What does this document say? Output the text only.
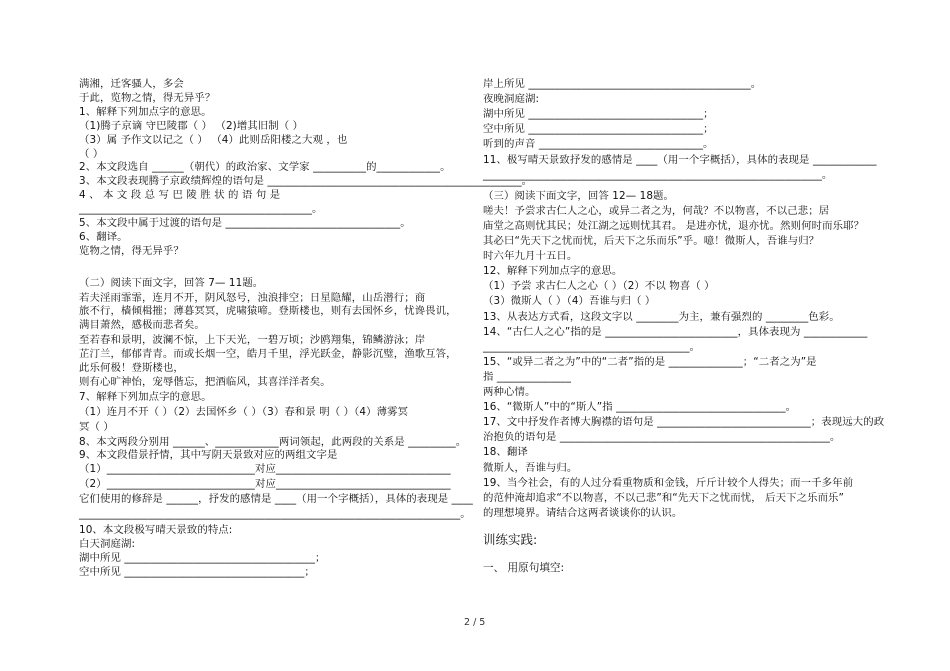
满湘，迁客骚人，多会
于此，览物之情，得无异乎？
1、解释下列加点字的意思。
（1)腾子京谪 守巴陵郡（ ） （2)增其旧制（ ）
（3）属 予作文以记之（ ） （4）此则岳阳楼之大观 ，也
（ ）
2、本文段选自 ______（朝代）的政治家、文学家 __________的____________。
3、本文段表现腾子京政绩辉煌的语句是 ________________________________________________。
4 、 本 文 段 总 写 巴 陵 胜 状 的 语 句 是
____________________________________________。
5、本文段中属于过渡的语句是 _________________________________。
6、翻译。
览物之情，得无异乎？
（二）阅读下面文字，回答 7— 11题。
若夫淫雨霏霏，连月不开，阴风怒号，浊浪排空；日星隐耀，山岳潜行；商
旅不行，樯倾楫摧；薄暮冥冥，虎啸猿啼。登斯楼也，则有去国怀乡，忧谗畏讥，
满目萧然，感极而悲者矣。
至若春和景明，波澜不惊，上下天光，一碧万顷；沙鸥翔集，锦鳞游泳；岸
芷汀兰，郁郁青青。而或长烟一空，皓月千里，浮光跃金，静影沉璧，渔歌互答，
此乐何极！登斯楼也，
则有心旷神怡，宠辱偕忘，把酒临风，其喜洋洋者矣。
7、解释下列加点字的意思。
（1）连月不开（ ）（2）去国怀乡（ ）（3）春和景 明（ ）（4）薄雾冥
冥（ ）
8、本文两段分别用 ______、____________两词领起，此两段的关系是 _________。
9、本文段借景抒情，其中写阴天景致对应的两组文字是
（1）____________________________对应_________________________________
（2）____________________________对应_________________________________
它们使用的修辞是 ______，抒发的感情是 ____（用一个字概括），具体的表现是 ____
________________________________________________________________________。
10、本文段极写晴天景致的特点:
白天洞庭湖:
湖中所见 ____________________________________；
空中所见 __________________________________；
岸上所见 __________________________________________。
夜晚洞庭湖:
湖中所见 _________________________________；
空中所见 _________________________________；
听到的声音 _______________________________。
11、极写晴天景致抒发的感情是 ____（用一个字概括），具体的表现是 ____________
________________________________________________________________。
（三）阅读下面文字，回答 12— 18题。
嗟夫！予尝求古仁人之心，或异二者之为，何哉？不以物喜，不以己悲；居
庙堂之高则忧其民；处江湖之远则忧其君。 是进亦忧，退亦忧。然则何时而乐耶？
其必曰“先天下之忧而忧，后天下之乐而乐”乎。噫！微斯人，吾谁与归？
时六年九月十五日。
12、解释下列加点字的意思。
（1）予尝 求古仁人之心（ ）（2）不以 物喜（ ）
（3）微斯人（ ）（4）吾谁与归（ ）
13、从表达方式看，这段文字以 ________为主，兼有强烈的 ________色彩。
14、“古仁人之心”指的是 _________________________，具体表现为 ____________
_______________________________________。
15、“或异二者之为”中的“二者”指的是 ______________；“二者之为”是
指 ______________
两种心情。
16、“微斯人”中的“斯人”指 ________________________________。
17、文中抒发作者博大胸襟的语句是 _____________________________；表现远大的政
治抱负的语句是 ___________________________________________________。
18、翻译
微斯人，吾谁与归。
19、当今社会，有的人过分看重物质和金钱，斤斤计较个人得失；而一千多年前
的范仲淹却追求“不以物喜，不以己悲”和“先天下之忧而忧， 后天下之乐而乐”
的理想境界。请结合这两者谈谈你的认识。
训练实践:
一、 用原句填空:
2 / 5
